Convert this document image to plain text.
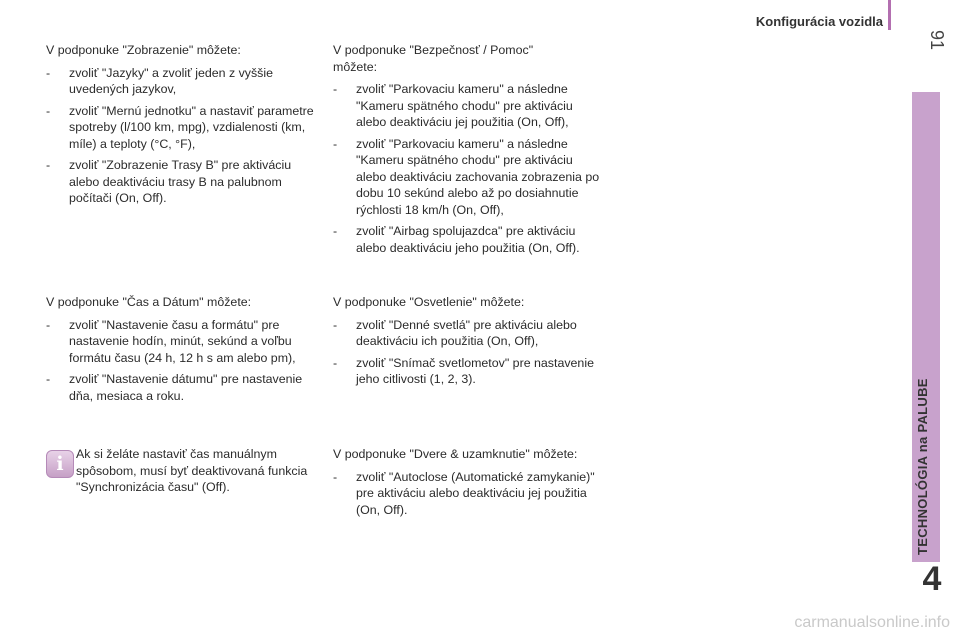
Konfigurácia vozidla
91
TECHNOLÓGIA na PALUBE
4

V podponuke "Zobrazenie" môžete:

- zvoliť "Jazyky" a zvoliť jeden z vyššie uvedených jazykov,
- zvoliť "Mernú jednotku" a nastaviť parametre spotreby (l/100 km, mpg), vzdialenosti (km, míle) a teploty (°C, °F),
- zvoliť "Zobrazenie Trasy B" pre aktiváciu alebo deaktiváciu trasy B na palubnom počítači (On, Off).

V podponuke "Bezpečnosť / Pomoc" môžete:

- zvoliť "Parkovaciu kameru" a následne "Kameru spätného chodu" pre aktiváciu alebo deaktiváciu jej použitia (On, Off),
- zvoliť "Parkovaciu kameru" a následne "Kameru spätného chodu" pre aktiváciu alebo deaktiváciu zachovania zobrazenia po dobu 10 sekúnd alebo až po dosiahnutie rýchlosti 18 km/h (On, Off),
- zvoliť "Airbag spolujazdca" pre aktiváciu alebo deaktiváciu jeho použitia (On, Off).

V podponuke "Čas a Dátum" môžete:

- zvoliť "Nastavenie času a formátu" pre nastavenie hodín, minút, sekúnd a voľbu formátu času (24 h, 12 h s am alebo pm),
- zvoliť "Nastavenie dátumu" pre nastavenie dňa, mesiaca a roku.

V podponuke "Osvetlenie" môžete:

- zvoliť "Denné svetlá" pre aktiváciu alebo deaktiváciu ich použitia (On, Off),
- zvoliť "Snímač svetlometov" pre nastavenie jeho citlivosti (1, 2, 3).
i Ak si želáte nastaviť čas manuálnym spôsobom, musí byť deaktivovaná funkcia "Synchronizácia času" (Off).

V podponuke "Dvere & uzamknutie" môžete:

- zvoliť "Autoclose (Automatické zamykanie)" pre aktiváciu alebo deaktiváciu jej použitia (On, Off).
carmanualsonline.info
